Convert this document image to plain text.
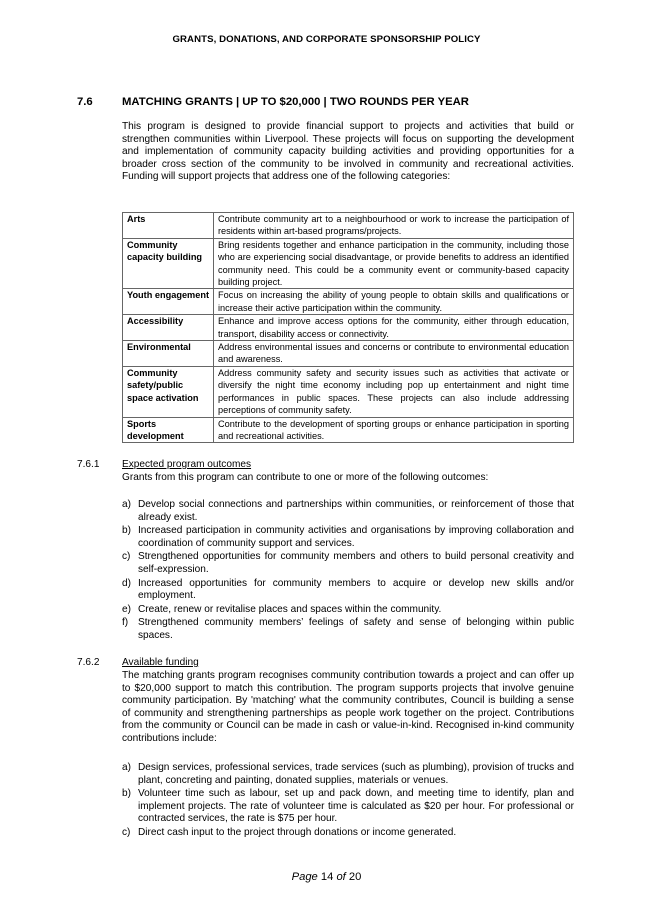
GRANTS, DONATIONS, AND CORPORATE SPONSORSHIP POLICY
7.6	MATCHING GRANTS | UP TO $20,000 | TWO ROUNDS PER YEAR
This program is designed to provide financial support to projects and activities that build or strengthen communities within Liverpool. These projects will focus on supporting the development and implementation of community capacity building activities and providing opportunities for a broader cross section of the community to be involved in community and recreational activities. Funding will support projects that address one of the following categories:
Arts	Contribute community art to a neighbourhood or work to increase the participation of residents within art-based programs/projects.
Community capacity building	Bring residents together and enhance participation in the community, including those who are experiencing social disadvantage, or provide benefits to address an identified community need. This could be a community event or community-based capacity building project.
Youth engagement	Focus on increasing the ability of young people to obtain skills and qualifications or increase their active participation within the community.
Accessibility	Enhance and improve access options for the community, either through education, transport, disability access or connectivity.
Environmental	Address environmental issues and concerns or contribute to environmental education and awareness.
Community safety/public space activation	Address community safety and security issues such as activities that activate or diversify the night time economy including pop up entertainment and night time performances in public spaces. These projects can also include addressing perceptions of community safety.
Sports development	Contribute to the development of sporting groups or enhance participation in sporting and recreational activities.
7.6.1 Expected program outcomes
Grants from this program can contribute to one or more of the following outcomes:
a) Develop social connections and partnerships within communities, or reinforcement of those that already exist.
b) Increased participation in community activities and organisations by improving collaboration and coordination of community support and services.
c) Strengthened opportunities for community members and others to build personal creativity and self-expression.
d) Increased opportunities for community members to acquire or develop new skills and/or employment.
e) Create, renew or revitalise places and spaces within the community.
f) Strengthened community members’ feelings of safety and sense of belonging within public spaces.
7.6.2 Available funding
The matching grants program recognises community contribution towards a project and can offer up to $20,000 support to match this contribution. The program supports projects that involve genuine community participation. By 'matching' what the community contributes, Council is building a sense of community and strengthening partnerships as people work together on the project. Contributions from the community or Council can be made in cash or value-in-kind. Recognised in-kind community contributions include:
a) Design services, professional services, trade services (such as plumbing), provision of trucks and plant, concreting and painting, donated supplies, materials or venues.
b) Volunteer time such as labour, set up and pack down, and meeting time to identify, plan and implement projects. The rate of volunteer time is calculated as $20 per hour. For professional or contracted services, the rate is $75 per hour.
c) Direct cash input to the project through donations or income generated.
Page 14 of 20
